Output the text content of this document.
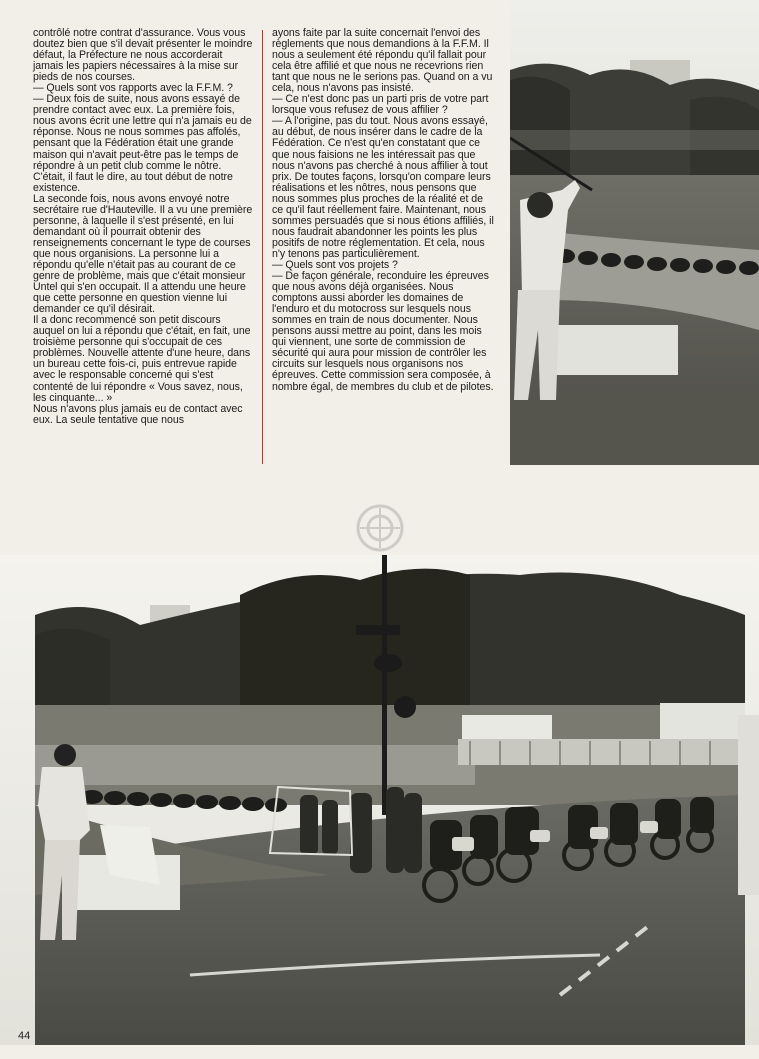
contrôlé notre contrat d'assurance. Vous vous doutez bien que s'il devait présenter le moindre défaut, la Préfecture ne nous accorderait jamais les papiers nécessaires à la mise sur pieds de nos courses.

— Quels sont vos rapports avec la F.F.M. ?

— Deux fois de suite, nous avons essayé de prendre contact avec eux. La première fois, nous avons écrit une lettre qui n'a jamais eu de réponse. Nous ne nous sommes pas affolés, pensant que la Fédération était une grande maison qui n'avait peut-être pas le temps de répondre à un petit club comme le nôtre. C'était, il faut le dire, au tout début de notre existence.

La seconde fois, nous avons envoyé notre secrétaire rue d'Hauteville. Il a vu une première personne, à laquelle il s'est présenté, en lui demandant où il pourrait obtenir des renseignements concernant le type de courses que nous organisions. La personne lui a répondu qu'elle n'était pas au courant de ce genre de problème, mais que c'était monsieur Untel qui s'en occupait. Il a attendu une heure que cette personne en question vienne lui demander ce qu'il désirait.

Il a donc recommencé son petit discours auquel on lui a répondu que c'était, en fait, une troisième personne qui s'occupait de ces problèmes. Nouvelle attente d'une heure, dans un bureau cette fois-ci, puis entrevue rapide avec le responsable concerné qui s'est contenté de lui répondre « Vous savez, nous, les cinquante... »

Nous n'avons plus jamais eu de contact avec eux. La seule tentative que nous

ayons faite par la suite concernait l'envoi des règlements que nous demandions à la F.F.M. Il nous a seulement été répondu qu'il fallait pour cela être affilié et que nous ne recevrions rien tant que nous ne le serions pas. Quand on a vu cela, nous n'avons pas insisté.

— Ce n'est donc pas un parti pris de votre part lorsque vous refusez de vous affilier ?

— A l'origine, pas du tout. Nous avons essayé, au début, de nous insérer dans le cadre de la Fédération. Ce n'est qu'en constatant que ce que nous faisions ne les intéressait pas que nous n'avons pas cherché à nous affilier à tout prix. De toutes façons, lorsqu'on compare leurs réalisations et les nôtres, nous pensons que nous sommes plus proches de la réalité et de ce qu'il faut réellement faire. Maintenant, nous sommes persuadés que si nous étions affiliés, il nous faudrait abandonner les points les plus positifs de notre réglementation. Et cela, nous n'y tenons pas particulièrement.

— Quels sont vos projets ?

— De façon générale, reconduire les épreuves que nous avons déjà organisées. Nous comptons aussi aborder les domaines de l'enduro et du motocross sur lesquels nous sommes en train de nous documenter. Nous pensons aussi mettre au point, dans les mois qui viennent, une sorte de commission de sécurité qui aura pour mission de contrôler les circuits sur lesquels nous organisons nos épreuves. Cette commission sera composée, à nombre égal, de membres du club et de pilotes.

44
